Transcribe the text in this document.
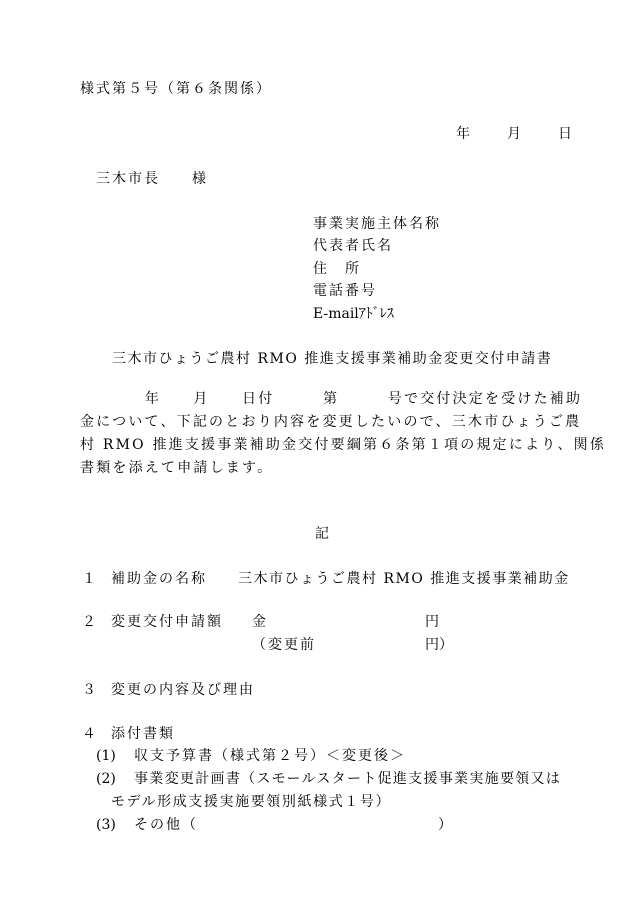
様式第５号（第６条関係）
年　　月　　日
三木市長　　様
事業実施主体名称
代表者氏名
住　所
電話番号
E-mailｱﾄﾞﾚｽ
三木市ひょうご農村 RMO 推進支援事業補助金変更交付申請書
　　　　年　　月　　日付　　　第　　　号で交付決定を受けた補助
金について、下記のとおり内容を変更したいので、三木市ひょうご農
村 RMO 推進支援事業補助金交付要綱第６条第１項の規定により、関係
書類を添えて申請します。
記
１ 補助金の名称 三木市ひょうご農村 RMO 推進支援事業補助金
２ 変更交付申請額 金	円
（変更前	円）
３ 変更の内容及び理由
４ 添付書類
(1) 収支予算書（様式第２号）＜変更後＞
(2) 事業変更計画書（スモールスタート促進支援事業実施要領又は
モデル形成支援実施要領別紙様式１号）
(3) その他（　　　　　　　　　　　　　　　）
